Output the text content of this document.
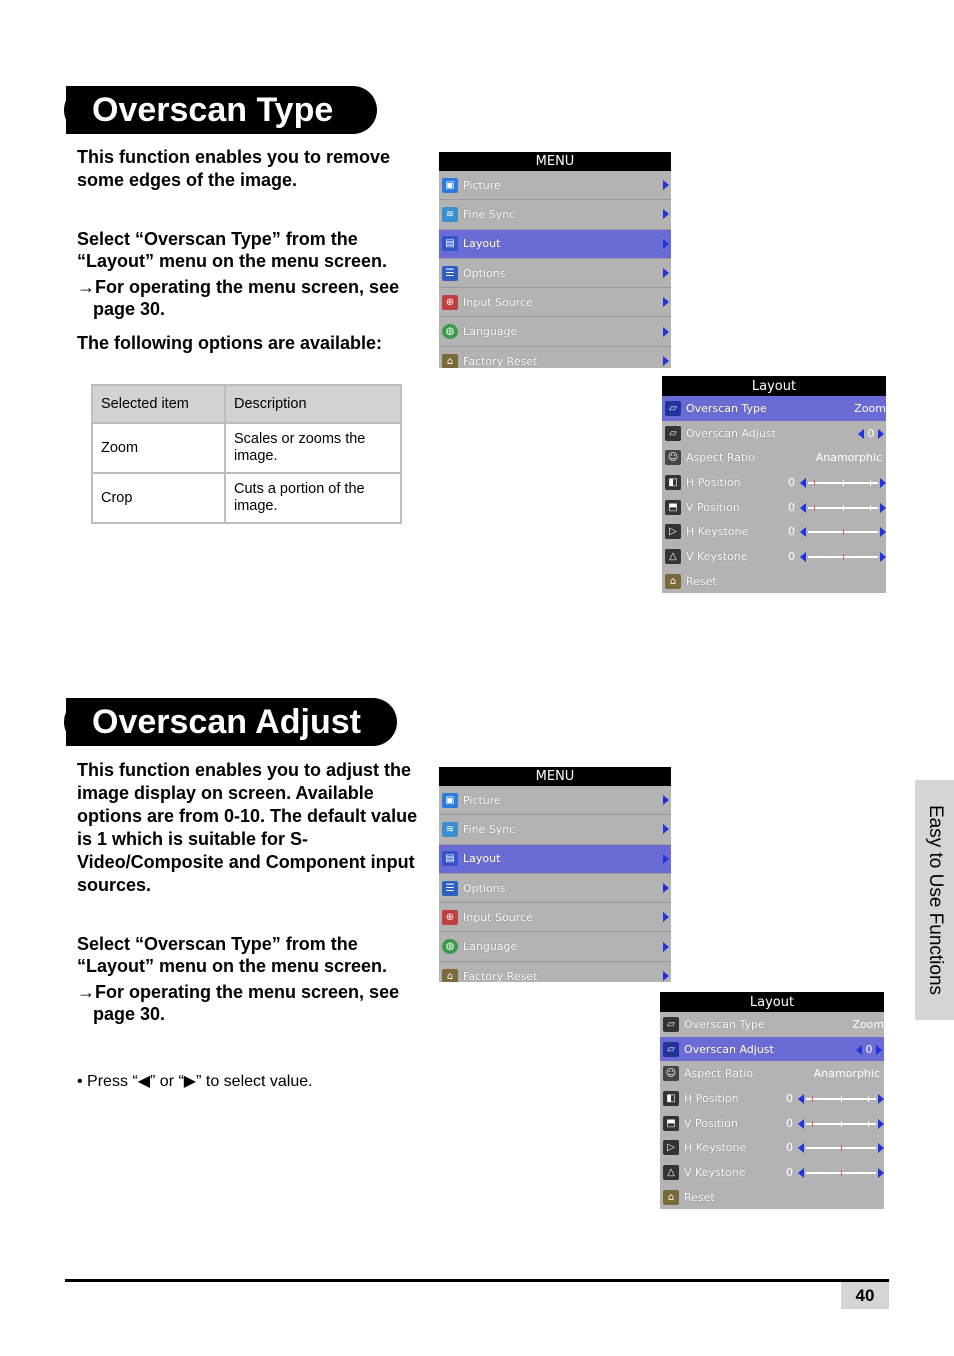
Overscan Type

This function enables you to remove some edges of the image.

Select “Overscan Type” from the “Layout” menu on the menu screen.

→For operating the menu screen, see page 30.

The following options are available:

Selected item	Description
Zoom	Scales or zooms the image.
Crop	Cuts a portion of the image.
MENU
▣ Picture
≋ Fine Sync
▤ Layout
☰ Options
⊕ Input Source
◍ Language
⌂ Factory Reset
Layout
▱ Overscan Type	Zoom
▱ Overscan Adjust	0
☺ Aspect Ratio	Anamorphic
◧ H Position	0
⬒ V Position	0
▷ H Keystone	0
△ V Keystone	0
⌂ Reset
Overscan Adjust

This function enables you to adjust the image display on screen. Available options are from 0-10. The default value is 1 which is suitable for S-Video/Composite and Component input sources.

Select “Overscan Type” from the “Layout” menu on the menu screen.

→For operating the menu screen, see page 30.

• Press “◀” or “▶” to select value.
MENU
▣ Picture
≋ Fine Sync
▤ Layout
☰ Options
⊕ Input Source
◍ Language
⌂ Factory Reset
Layout
▱ Overscan Type	Zoom
▱ Overscan Adjust	0
☺ Aspect Ratio	Anamorphic
◧ H Position	0
⬒ V Position	0
▷ H Keystone	0
△ V Keystone	0
⌂ Reset
Easy to Use Functions
40
